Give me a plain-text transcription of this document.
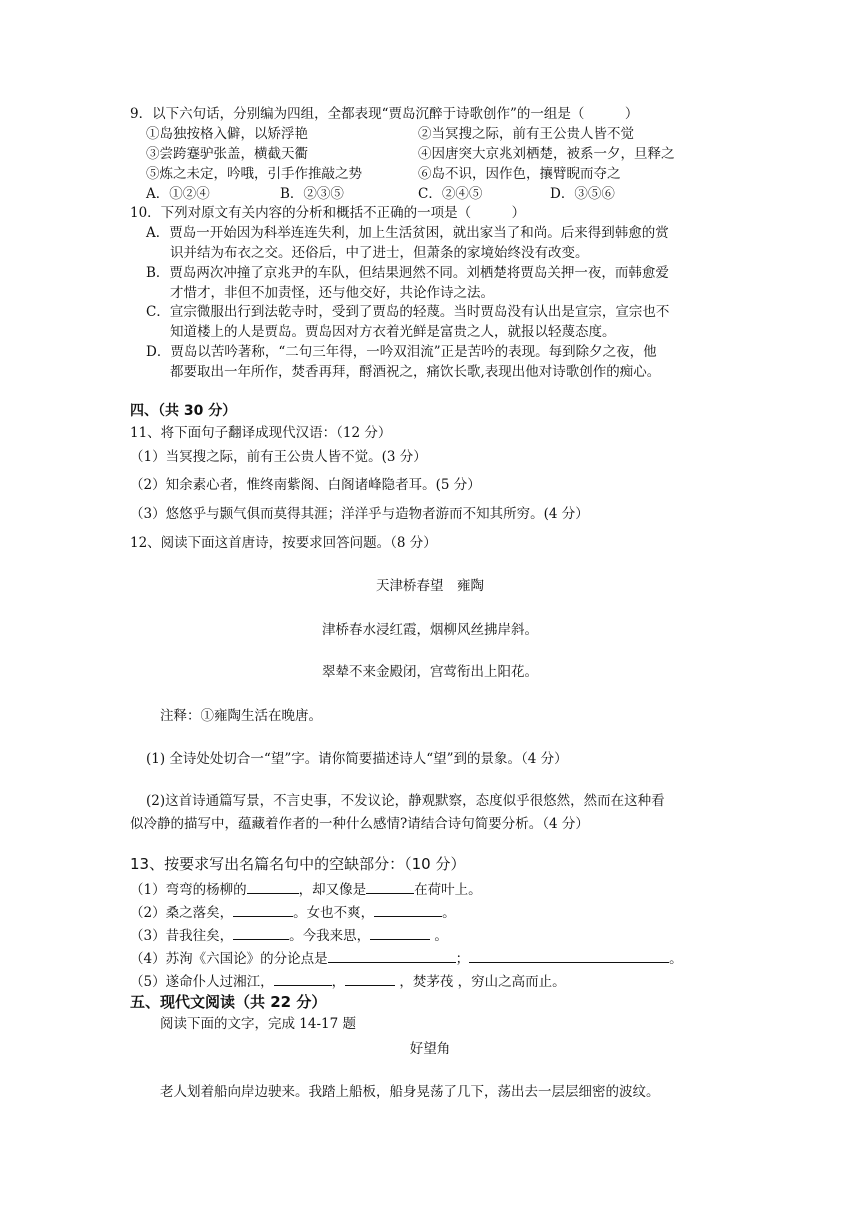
9．以下六句话，分别编为四组，全都表现“贾岛沉醉于诗歌创作”的一组是（　　　）
①岛独按格入僻，以矫浮艳	②当冥搜之际，前有王公贵人皆不觉
③尝跨蹇驴张盖，横截天衢	④因唐突大京兆刘栖楚，被系一夕，旦释之
⑤炼之未定，吟哦，引手作推敲之势	⑥岛不识，因作色，攘臂睨而夺之
A．①②④	B．②③⑤	C．②④⑤	D．③⑤⑥
10．下列对原文有关内容的分析和概括不正确的一项是（　　　）
A．贾岛一开始因为科举连连失利，加上生活贫困，就出家当了和尚。后来得到韩愈的赏
识并结为布衣之交。还俗后，中了进士，但萧条的家境始终没有改变。
B．贾岛两次冲撞了京兆尹的车队，但结果迥然不同。刘栖楚将贾岛关押一夜，而韩愈爱
才惜才，非但不加责怪，还与他交好，共论作诗之法。
C．宣宗微服出行到法乾寺时，受到了贾岛的轻蔑。当时贾岛没有认出是宣宗，宣宗也不
知道楼上的人是贾岛。贾岛因对方衣着光鲜是富贵之人，就报以轻蔑态度。
D．贾岛以苦吟著称，“二句三年得，一吟双泪流”正是苦吟的表现。每到除夕之夜，他
都要取出一年所作，焚香再拜，酹酒祝之，痛饮长歌,表现出他对诗歌创作的痴心。
四、（共 30 分）
11、将下面句子翻译成现代汉语：（12 分）
（1）当冥搜之际，前有王公贵人皆不觉。(3 分）
（2）知余素心者，惟终南紫阁、白阁诸峰隐者耳。(5 分）
（3）悠悠乎与颢气俱而莫得其涯；洋洋乎与造物者游而不知其所穷。(4 分）
12、阅读下面这首唐诗，按要求回答问题。（8 分）
天津桥春望　雍陶
津桥春水浸红霞，烟柳风丝拂岸斜。
翠辇不来金殿闭，宫莺衔出上阳花。
注释：①雍陶生活在晚唐。
(1) 全诗处处切合一“望”字。请你简要描述诗人“望”到的景象。（4 分）
(2)这首诗通篇写景，不言史事，不发议论，静观默察，态度似乎很悠然，然而在这种看
似冷静的描写中，蕴藏着作者的一种什么感情?请结合诗句简要分析。（4 分）
13、按要求写出名篇名句中的空缺部分：（10 分）
（1）弯弯的杨柳的	，却又像是	在荷叶上。
（2）桑之落矣，	。女也不爽，	。
（3）昔我往矣，	。今我来思，	。
（4）苏洵《六国论》的分论点是	；	。
（5）遂命仆人过湘江，	，	，焚茅茷 ，穷山之高而止。
五、现代文阅读（共 22 分）
阅读下面的文字，完成 14-17 题
好望角
老人划着船向岸边驶来。我踏上船板，船身晃荡了几下，荡出去一层层细密的波纹。
